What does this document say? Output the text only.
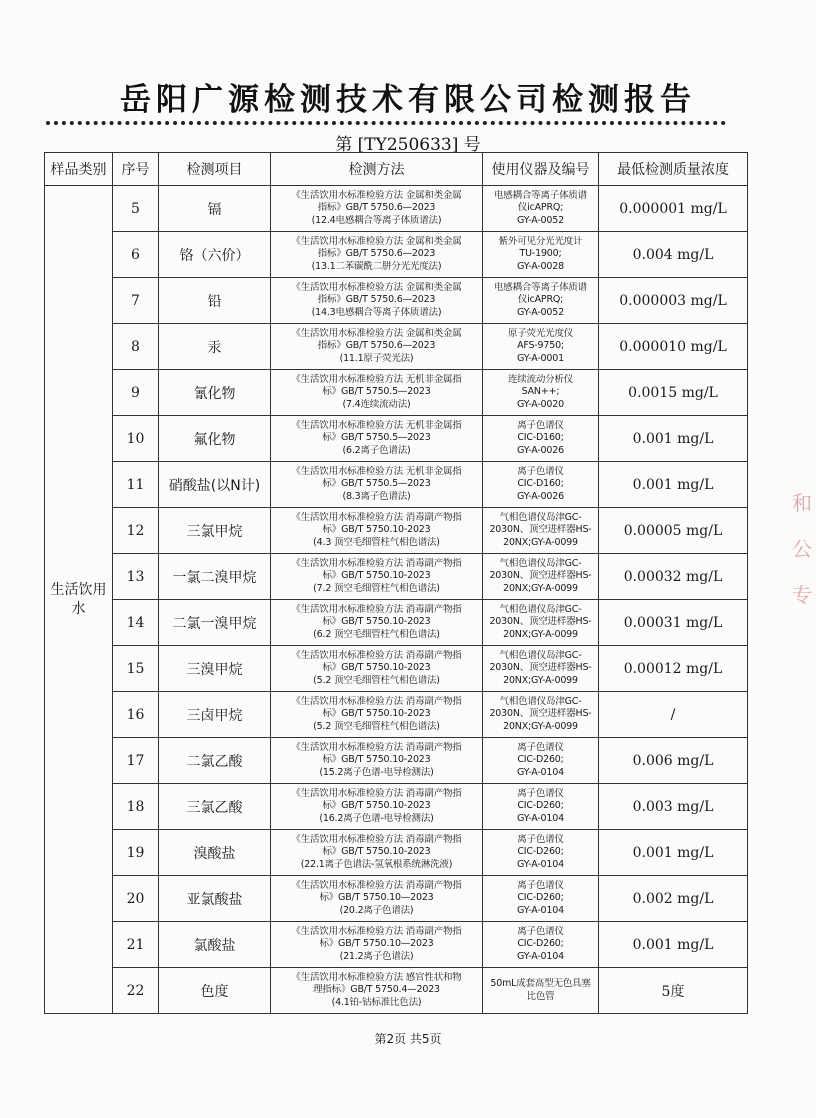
岳阳广源检测技术有限公司检测报告
第 [TY250633] 号
样品类别	序号	检测项目	检测方法	使用仪器及编号	最低检测质量浓度
生活饮用水	5	镉	《生活饮用水标准检验方法 金属和类金属
指标》GB/T 5750.6—2023
(12.4电感耦合等离子体质谱法)	电感耦合等离子体质谱
仪icAPRQ;
GY-A-0052	0.000001 mg/L
	6	铬（六价）	《生活饮用水标准检验方法 金属和类金属
指标》GB/T 5750.6—2023
(13.1二苯碳酰二肼分光光度法)	紫外可见分光光度计
TU-1900;
GY-A-0028	0.004 mg/L
	7	铅	《生活饮用水标准检验方法 金属和类金属
指标》GB/T 5750.6—2023
(14.3电感耦合等离子体质谱法)	电感耦合等离子体质谱
仪icAPRQ;
GY-A-0052	0.000003 mg/L
	8	汞	《生活饮用水标准检验方法 金属和类金属
指标》GB/T 5750.6—2023
(11.1原子荧光法)	原子荧光光度仪
AFS-9750;
GY-A-0001	0.000010 mg/L
	9	氰化物	《生活饮用水标准检验方法 无机非金属指
标》GB/T 5750.5—2023
(7.4连续流动法)	连续流动分析仪
SAN++;
GY-A-0020	0.0015 mg/L
	10	氟化物	《生活饮用水标准检验方法 无机非金属指
标》GB/T 5750.5—2023
(6.2离子色谱法)	离子色谱仪
CIC-D160;
GY-A-0026	0.001 mg/L
	11	硝酸盐(以N计)	《生活饮用水标准检验方法 无机非金属指
标》GB/T 5750.5—2023
(8.3离子色谱法)	离子色谱仪
CIC-D160;
GY-A-0026	0.001 mg/L
	12	三氯甲烷	《生活饮用水标准检验方法 消毒副产物指
标》GB/T 5750.10-2023
(4.3 顶空毛细管柱气相色谱法)	气相色谱仪岛津GC-
2030N、顶空进样器HS-
20NX;GY-A-0099	0.00005 mg/L
	13	一氯二溴甲烷	《生活饮用水标准检验方法 消毒副产物指
标》GB/T 5750.10-2023
(7.2 顶空毛细管柱气相色谱法)	气相色谱仪岛津GC-
2030N、顶空进样器HS-
20NX;GY-A-0099	0.00032 mg/L
	14	二氯一溴甲烷	《生活饮用水标准检验方法 消毒副产物指
标》GB/T 5750.10-2023
(6.2 顶空毛细管柱气相色谱法)	气相色谱仪岛津GC-
2030N、顶空进样器HS-
20NX;GY-A-0099	0.00031 mg/L
	15	三溴甲烷	《生活饮用水标准检验方法 消毒副产物指
标》GB/T 5750.10-2023
(5.2 顶空毛细管柱气相色谱法)	气相色谱仪岛津GC-
2030N、顶空进样器HS-
20NX;GY-A-0099	0.00012 mg/L
	16	三卤甲烷	《生活饮用水标准检验方法 消毒副产物指
标》GB/T 5750.10-2023
(5.2 顶空毛细管柱气相色谱法)	气相色谱仪岛津GC-
2030N、顶空进样器HS-
20NX;GY-A-0099	/
	17	二氯乙酸	《生活饮用水标准检验方法 消毒副产物指
标》GB/T 5750.10-2023
(15.2离子色谱-电导检测法)	离子色谱仪
CIC-D260;
GY-A-0104	0.006 mg/L
	18	三氯乙酸	《生活饮用水标准检验方法 消毒副产物指
标》GB/T 5750.10-2023
(16.2离子色谱-电导检测法)	离子色谱仪
CIC-D260;
GY-A-0104	0.003 mg/L
	19	溴酸盐	《生活饮用水标准检验方法 消毒副产物指
标》GB/T 5750.10-2023
(22.1离子色谱法-氢氧根系统淋洗液)	离子色谱仪
CIC-D260;
GY-A-0104	0.001 mg/L
	20	亚氯酸盐	《生活饮用水标准检验方法 消毒副产物指
标》GB/T 5750.10—2023
(20.2离子色谱法)	离子色谱仪
CIC-D260;
GY-A-0104	0.002 mg/L
	21	氯酸盐	《生活饮用水标准检验方法 消毒副产物指
标》GB/T 5750.10—2023
(21.2离子色谱法)	离子色谱仪
CIC-D260;
GY-A-0104	0.001 mg/L
	22	色度	《生活饮用水标准检验方法 感官性状和物
理指标》GB/T 5750.4—2023
(4.1铂-钴标准比色法)	50mL成套高型无色具塞
比色管	5度
第2页 共5页
和
公
专
